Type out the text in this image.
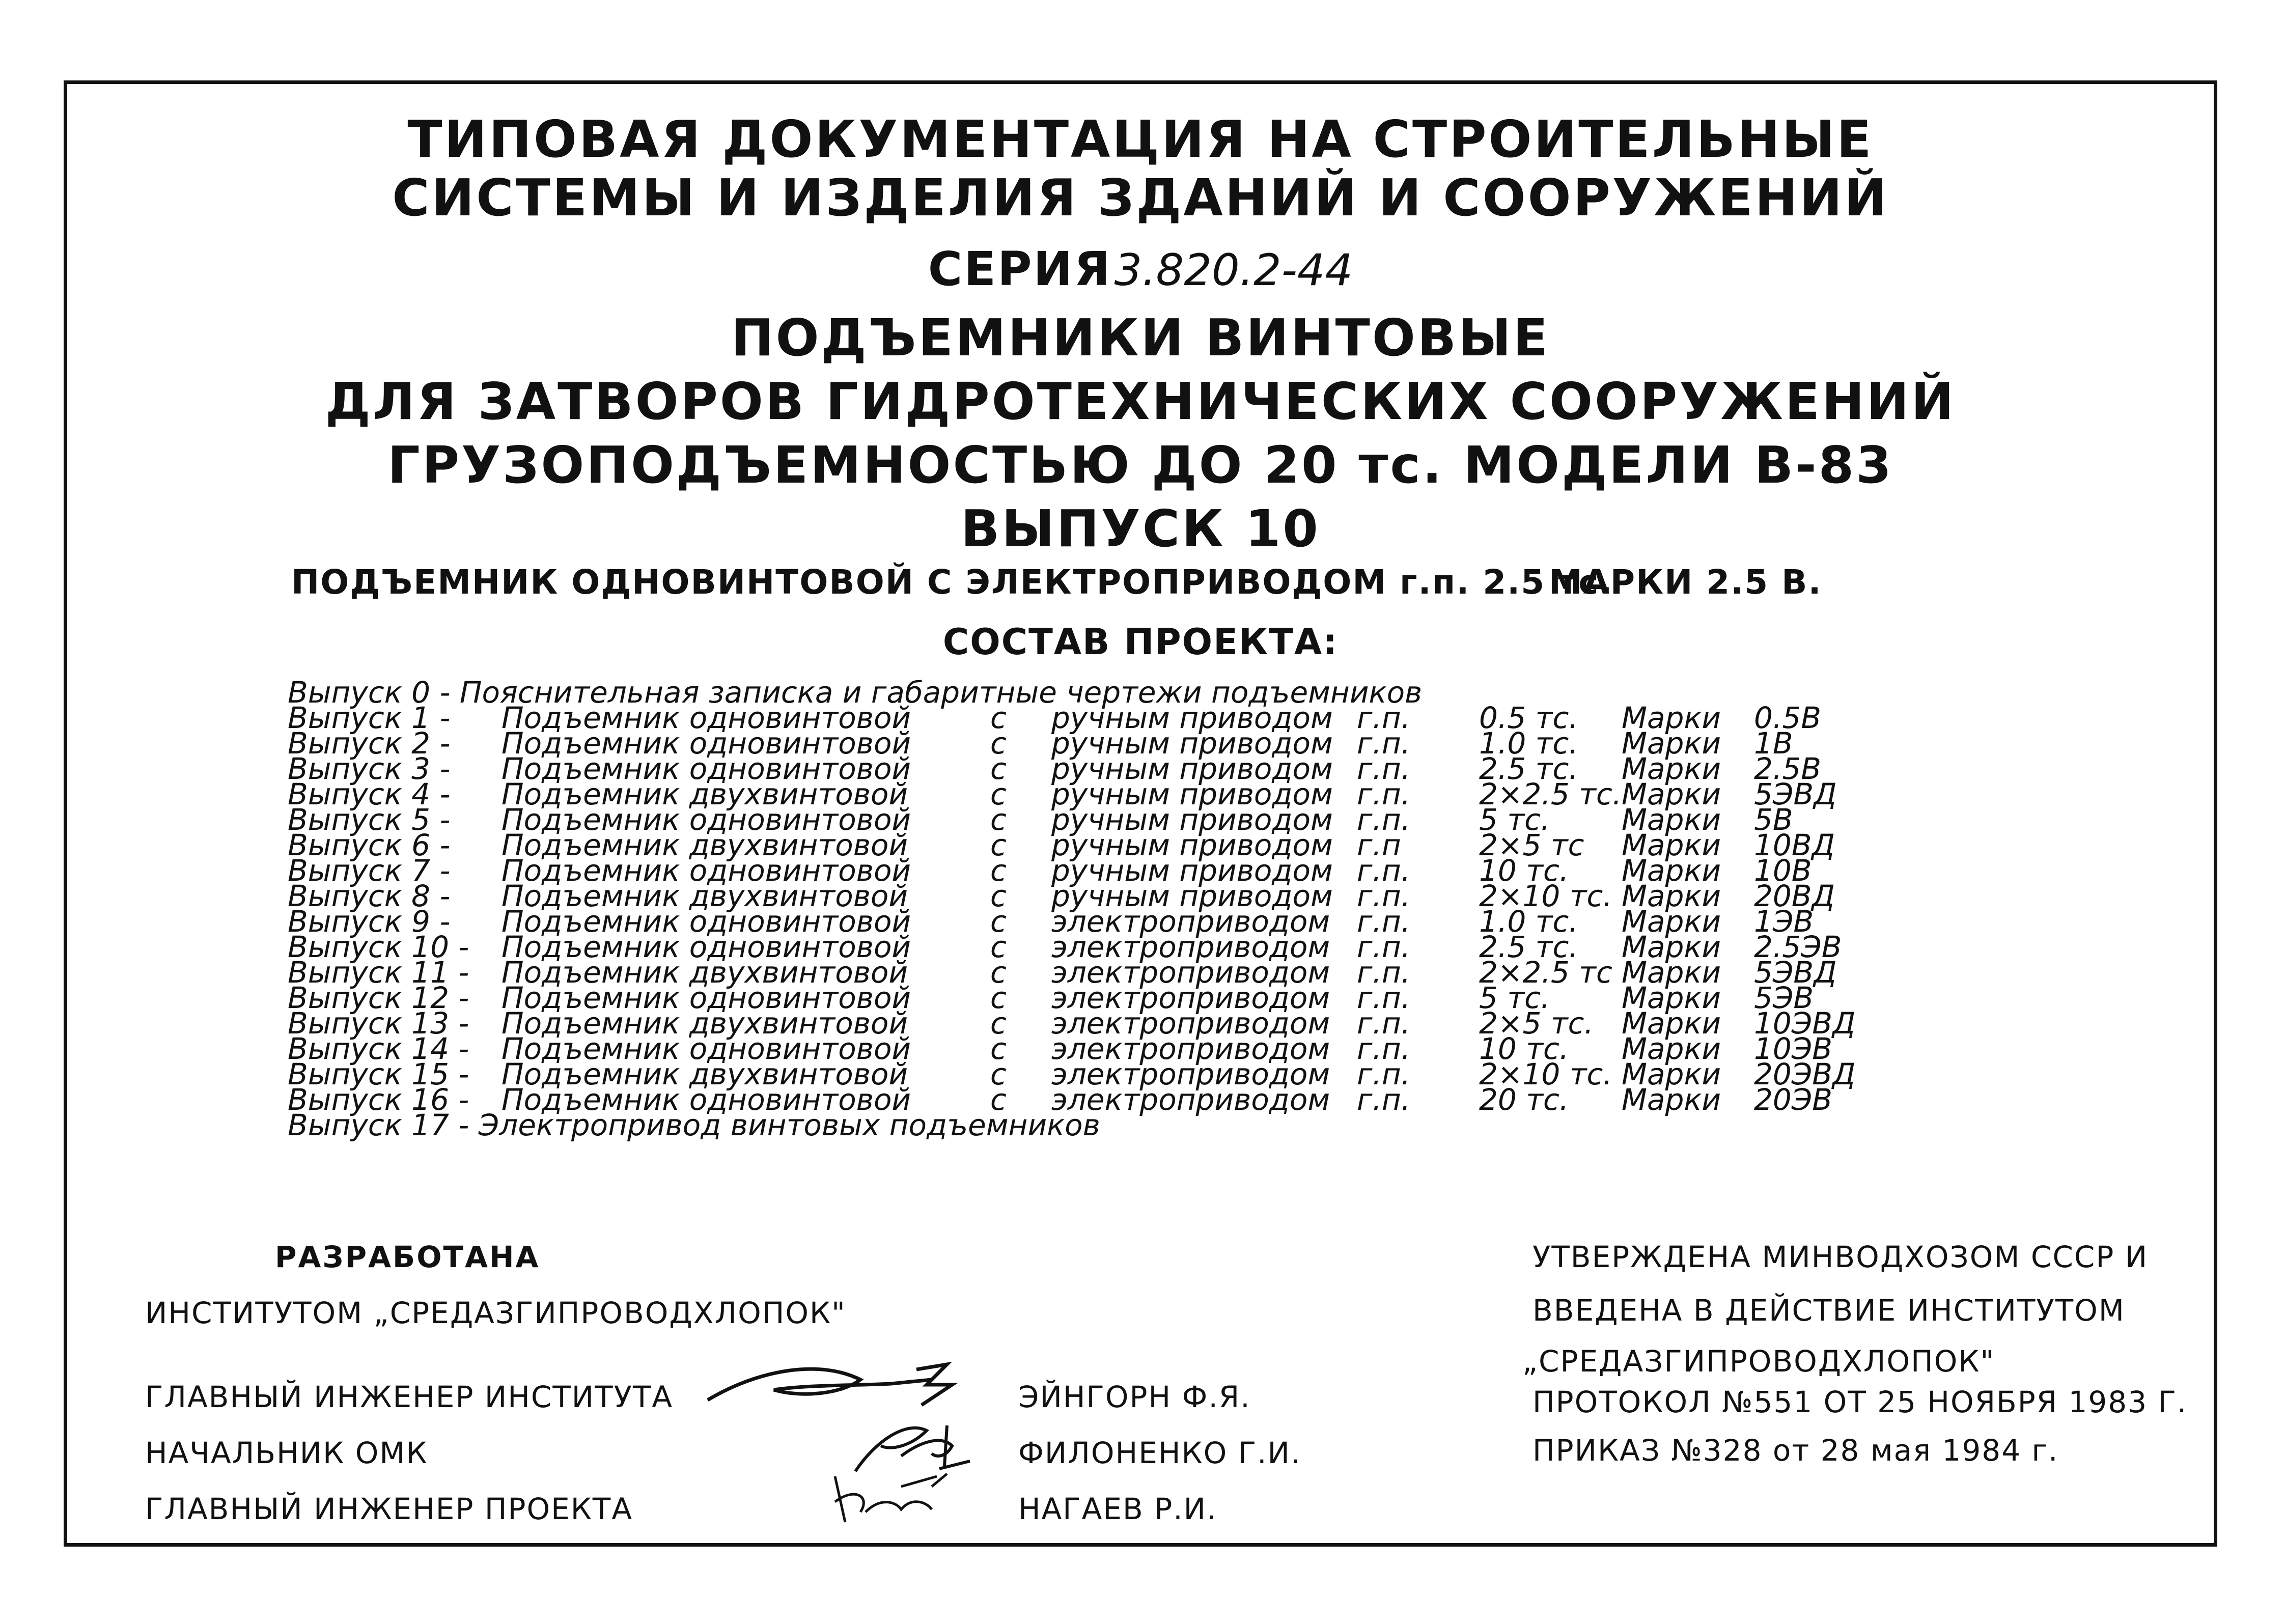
ТИПОВАЯ ДОКУМЕНТАЦИЯ НА СТРОИТЕЛЬНЫЕ
СИСТЕМЫ И ИЗДЕЛИЯ ЗДАНИЙ И СООРУЖЕНИЙ
СЕРИЯ 3.820.2-44
ПОДЪЕМНИКИ ВИНТОВЫЕ
ДЛЯ ЗАТВОРОВ ГИДРОТЕХНИЧЕСКИХ СООРУЖЕНИЙ
ГРУЗОПОДЪЕМНОСТЬЮ ДО 20 тс. МОДЕЛИ В-83
ВЫПУСК 10
ПОДЪЕМНИК ОДНОВИНТОВОЙ С ЭЛЕКТРОПРИВОДОМ г.п. 2.5 тс.
МАРКИ 2.5 В.
СОСТАВ ПРОЕКТА:
Выпуск 0 - Пояснительная записка и габаритные чертежи подъемников
Выпуск 1 - Подъемник одновинтовой	с ручным приводом г.п. 0.5 тс. Марки 0.5В
Выпуск 2 - Подъемник одновинтовой	с ручным приводом г.п. 1.0 тс. Марки 1В
Выпуск 3 - Подъемник одновинтовой	с ручным приводом г.п. 2.5 тс. Марки 2.5В
Выпуск 4 - Подъемник двухвинтовой	с ручным приводом г.п. 2×2.5 тс. Марки 5ЭВД
Выпуск 5 - Подъемник одновинтовой	с ручным приводом г.п. 5 тс. Марки 5В
Выпуск 6 - Подъемник двухвинтовой	с ручным приводом г.п	2×5 тс Марки 10ВД
Выпуск 7 - Подъемник одновинтовой	с ручным приводом г.п. 10 тс. Марки 10В
Выпуск 8 - Подъемник двухвинтовой	с ручным приводом г.п. 2×10 тс. Марки 20ВД
Выпуск 9 - Подъемник одновинтовой	с электроприводом г.п. 1.0 тс. Марки 1ЭВ
Выпуск 10 - Подъемник одновинтовой	с электроприводом г.п. 2.5 тс. Марки 2.5ЭВ
Выпуск 11 - Подъемник двухвинтовой	с электроприводом г.п. 2×2.5 тс Марки 5ЭВД
Выпуск 12 - Подъемник одновинтовой	с электроприводом г.п. 5 тс. Марки 5ЭВ
Выпуск 13 - Подъемник двухвинтовой	с электроприводом г.п. 2×5 тс. Марки 10ЭВД
Выпуск 14 - Подъемник одновинтовой	с электроприводом г.п. 10 тс. Марки 10ЭВ
Выпуск 15 - Подъемник двухвинтовой	с электроприводом г.п. 2×10 тс. Марки 20ЭВД
Выпуск 16 - Подъемник одновинтовой	с электроприводом г.п. 20 тс. Марки 20ЭВ
Выпуск 17 - Электропривод винтовых подъемников
РАЗРАБОТАНА
ИНСТИТУТОМ „СРЕДАЗГИПРОВОДХЛОПОК"
ГЛАВНЫЙ ИНЖЕНЕР ИНСТИТУТА
НАЧАЛЬНИК ОМК
ГЛАВНЫЙ ИНЖЕНЕР ПРОЕКТА
ЭЙНГОРН Ф.Я.
ФИЛОНЕНКО Г.И.
НАГАЕВ Р.И.
УТВЕРЖДЕНА МИНВОДХОЗОМ СССР И
ВВЕДЕНА В ДЕЙСТВИЕ ИНСТИТУТОМ
„СРЕДАЗГИПРОВОДХЛОПОК"
ПРОТОКОЛ №551 ОТ 25 НОЯБРЯ 1983 Г.
ПРИКАЗ №328 от 28 мая 1984 г.
